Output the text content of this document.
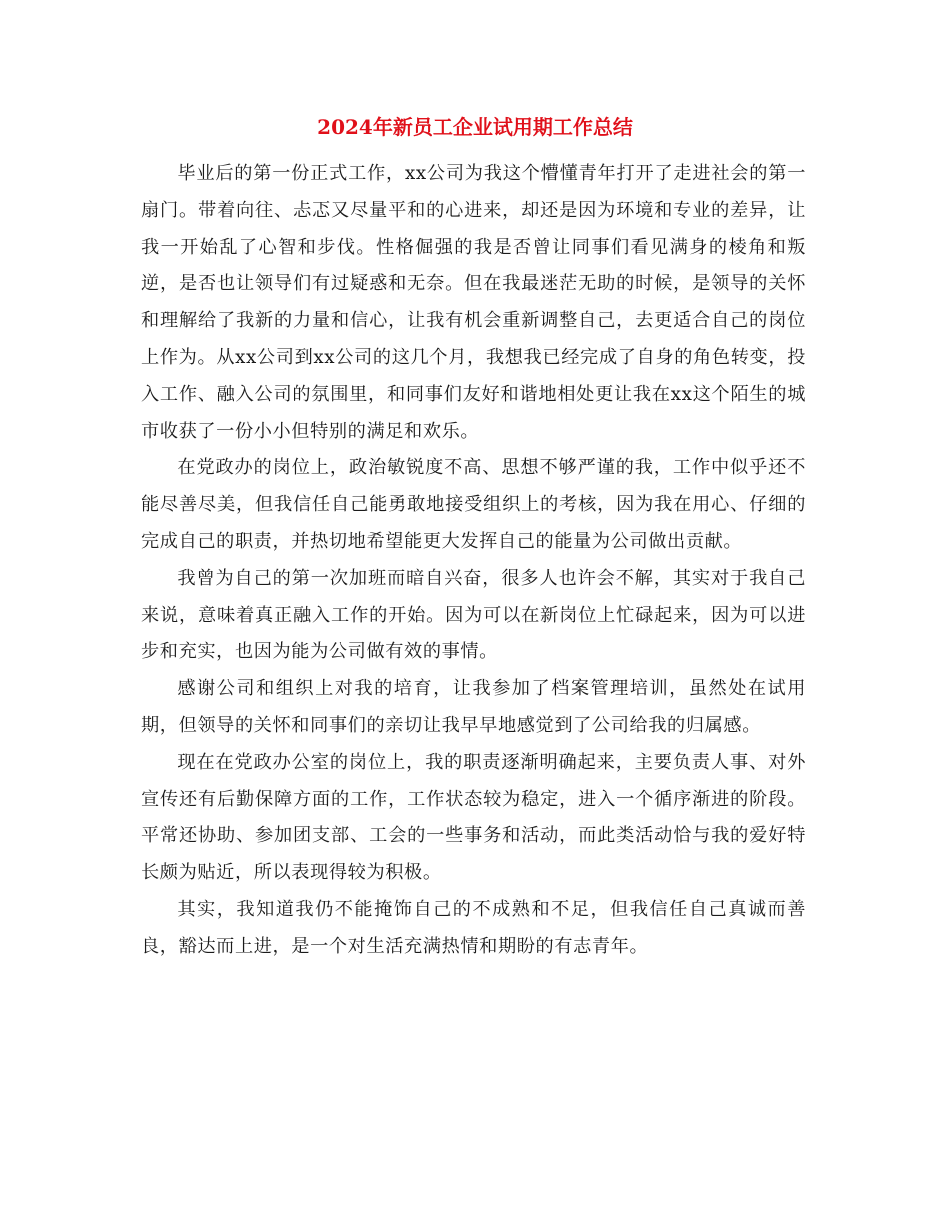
2024年新员工企业试用期工作总结

毕业后的第一份正式工作，xx公司为我这个懵懂青年打开了走进社会的第一扇门。带着向往、忐忑又尽量平和的心进来，却还是因为环境和专业的差异，让我一开始乱了心智和步伐。性格倔强的我是否曾让同事们看见满身的棱角和叛逆，是否也让领导们有过疑惑和无奈。但在我最迷茫无助的时候，是领导的关怀和理解给了我新的力量和信心，让我有机会重新调整自己，去更适合自己的岗位上作为。从xx公司到xx公司的这几个月，我想我已经完成了自身的角色转变，投入工作、融入公司的氛围里，和同事们友好和谐地相处更让我在xx这个陌生的城市收获了一份小小但特别的满足和欢乐。

在党政办的岗位上，政治敏锐度不高、思想不够严谨的我，工作中似乎还不能尽善尽美，但我信任自己能勇敢地接受组织上的考核，因为我在用心、仔细的完成自己的职责，并热切地希望能更大发挥自己的能量为公司做出贡献。

我曾为自己的第一次加班而暗自兴奋，很多人也许会不解，其实对于我自己来说，意味着真正融入工作的开始。因为可以在新岗位上忙碌起来，因为可以进步和充实，也因为能为公司做有效的事情。

感谢公司和组织上对我的培育，让我参加了档案管理培训，虽然处在试用期，但领导的关怀和同事们的亲切让我早早地感觉到了公司给我的归属感。

现在在党政办公室的岗位上，我的职责逐渐明确起来，主要负责人事、对外宣传还有后勤保障方面的工作，工作状态较为稳定，进入一个循序渐进的阶段。平常还协助、参加团支部、工会的一些事务和活动，而此类活动恰与我的爱好特长颇为贴近，所以表现得较为积极。

其实，我知道我仍不能掩饰自己的不成熟和不足，但我信任自己真诚而善良，豁达而上进，是一个对生活充满热情和期盼的有志青年。
